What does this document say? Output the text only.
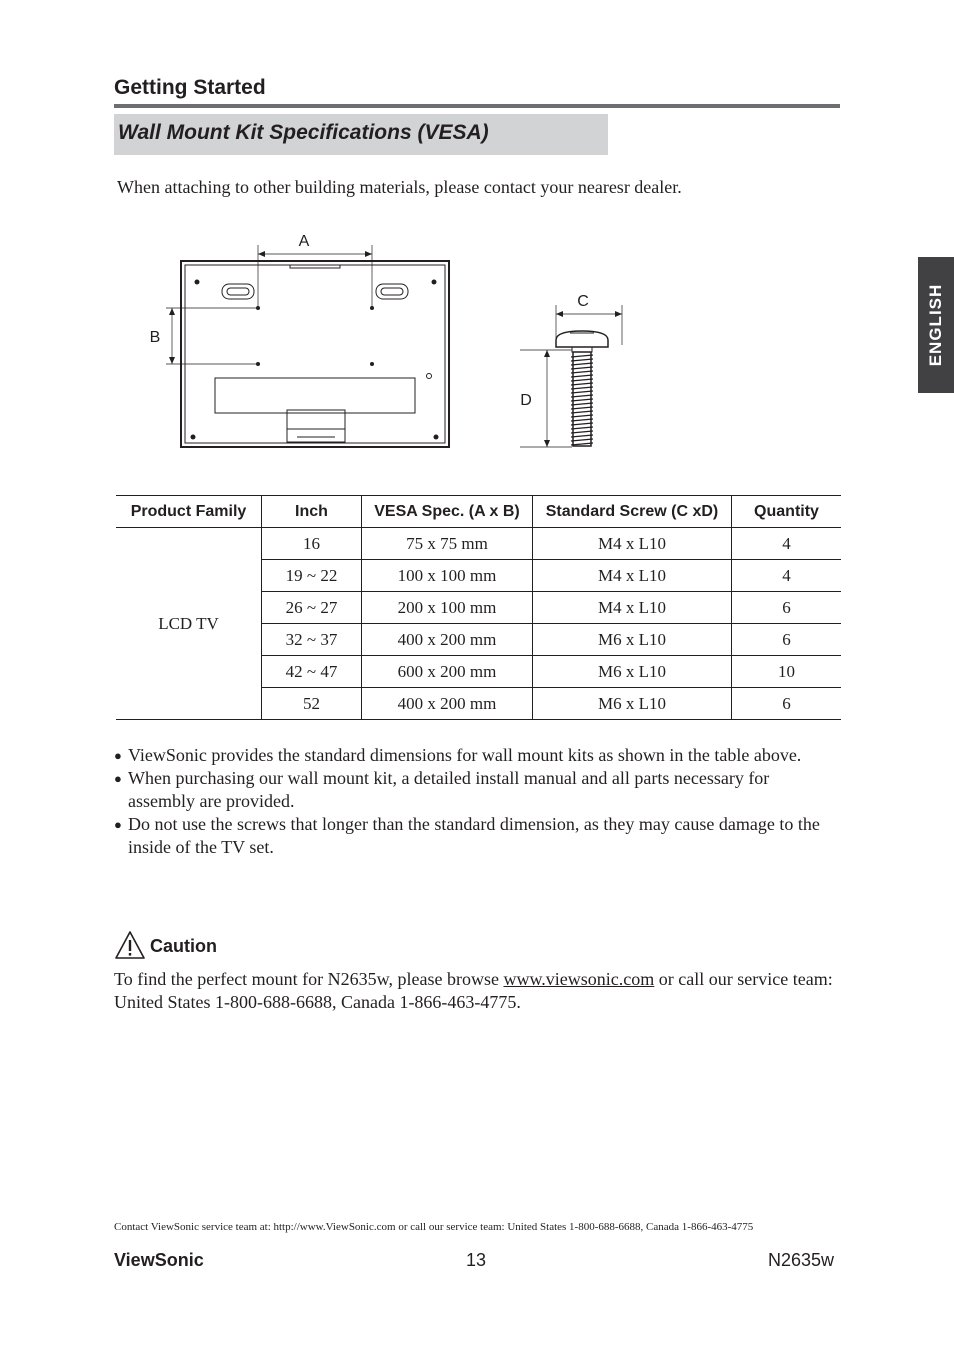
Getting Started
Wall Mount Kit Specifications (VESA)

When attaching to other building materials, please contact your nearesr dealer.

A
B
C
D
Product Family	Inch	VESA Spec. (A x B)	Standard Screw (C xD)	Quantity
LCD TV	16	75 x 75 mm	M4 x L10	4
	19 ~ 22	100 x 100 mm	M4 x L10	4
	26 ~ 27	200 x 100 mm	M4 x L10	6
	32 ~ 37	400 x 200 mm	M6 x L10	6
	42 ~ 47	600 x 200 mm	M6 x L10	10
	52	400 x 200 mm	M6 x L10	6
● ViewSonic provides the standard dimensions for wall mount kits as shown in the table above.
● When purchasing our wall mount kit, a detailed install manual and all parts necessary for assembly are provided.
● Do not use the screws that longer than the standard dimension, as they may cause damage to the inside of the TV set.
Caution

To find the perfect mount for N2635w, please browse www.viewsonic.com or call our service team: United States 1-800-688-6688, Canada 1-866-463-4775.

ENGLISH

Contact ViewSonic service team at: http://www.ViewSonic.com or call our service team: United States 1-800-688-6688, Canada 1-866-463-4775

ViewSonic	13	N2635w
